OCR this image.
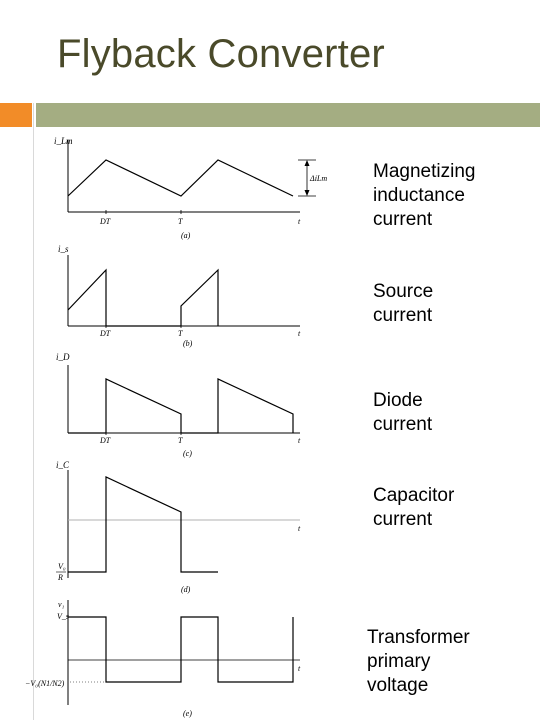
Flyback Converter
i_Lm
ΔiLm
DT	T	t
(a)
i_s
DT	T	t
(b)
i_D
DT	T	t
(c)
i_C
t
V₀
R
(d)
v₁
V_s
t
−V₀(N1/N2)
(e)
Magnetizing
inductance
current
Source
current
Diode
current
Capacitor
current
Transformer
primary
voltage
